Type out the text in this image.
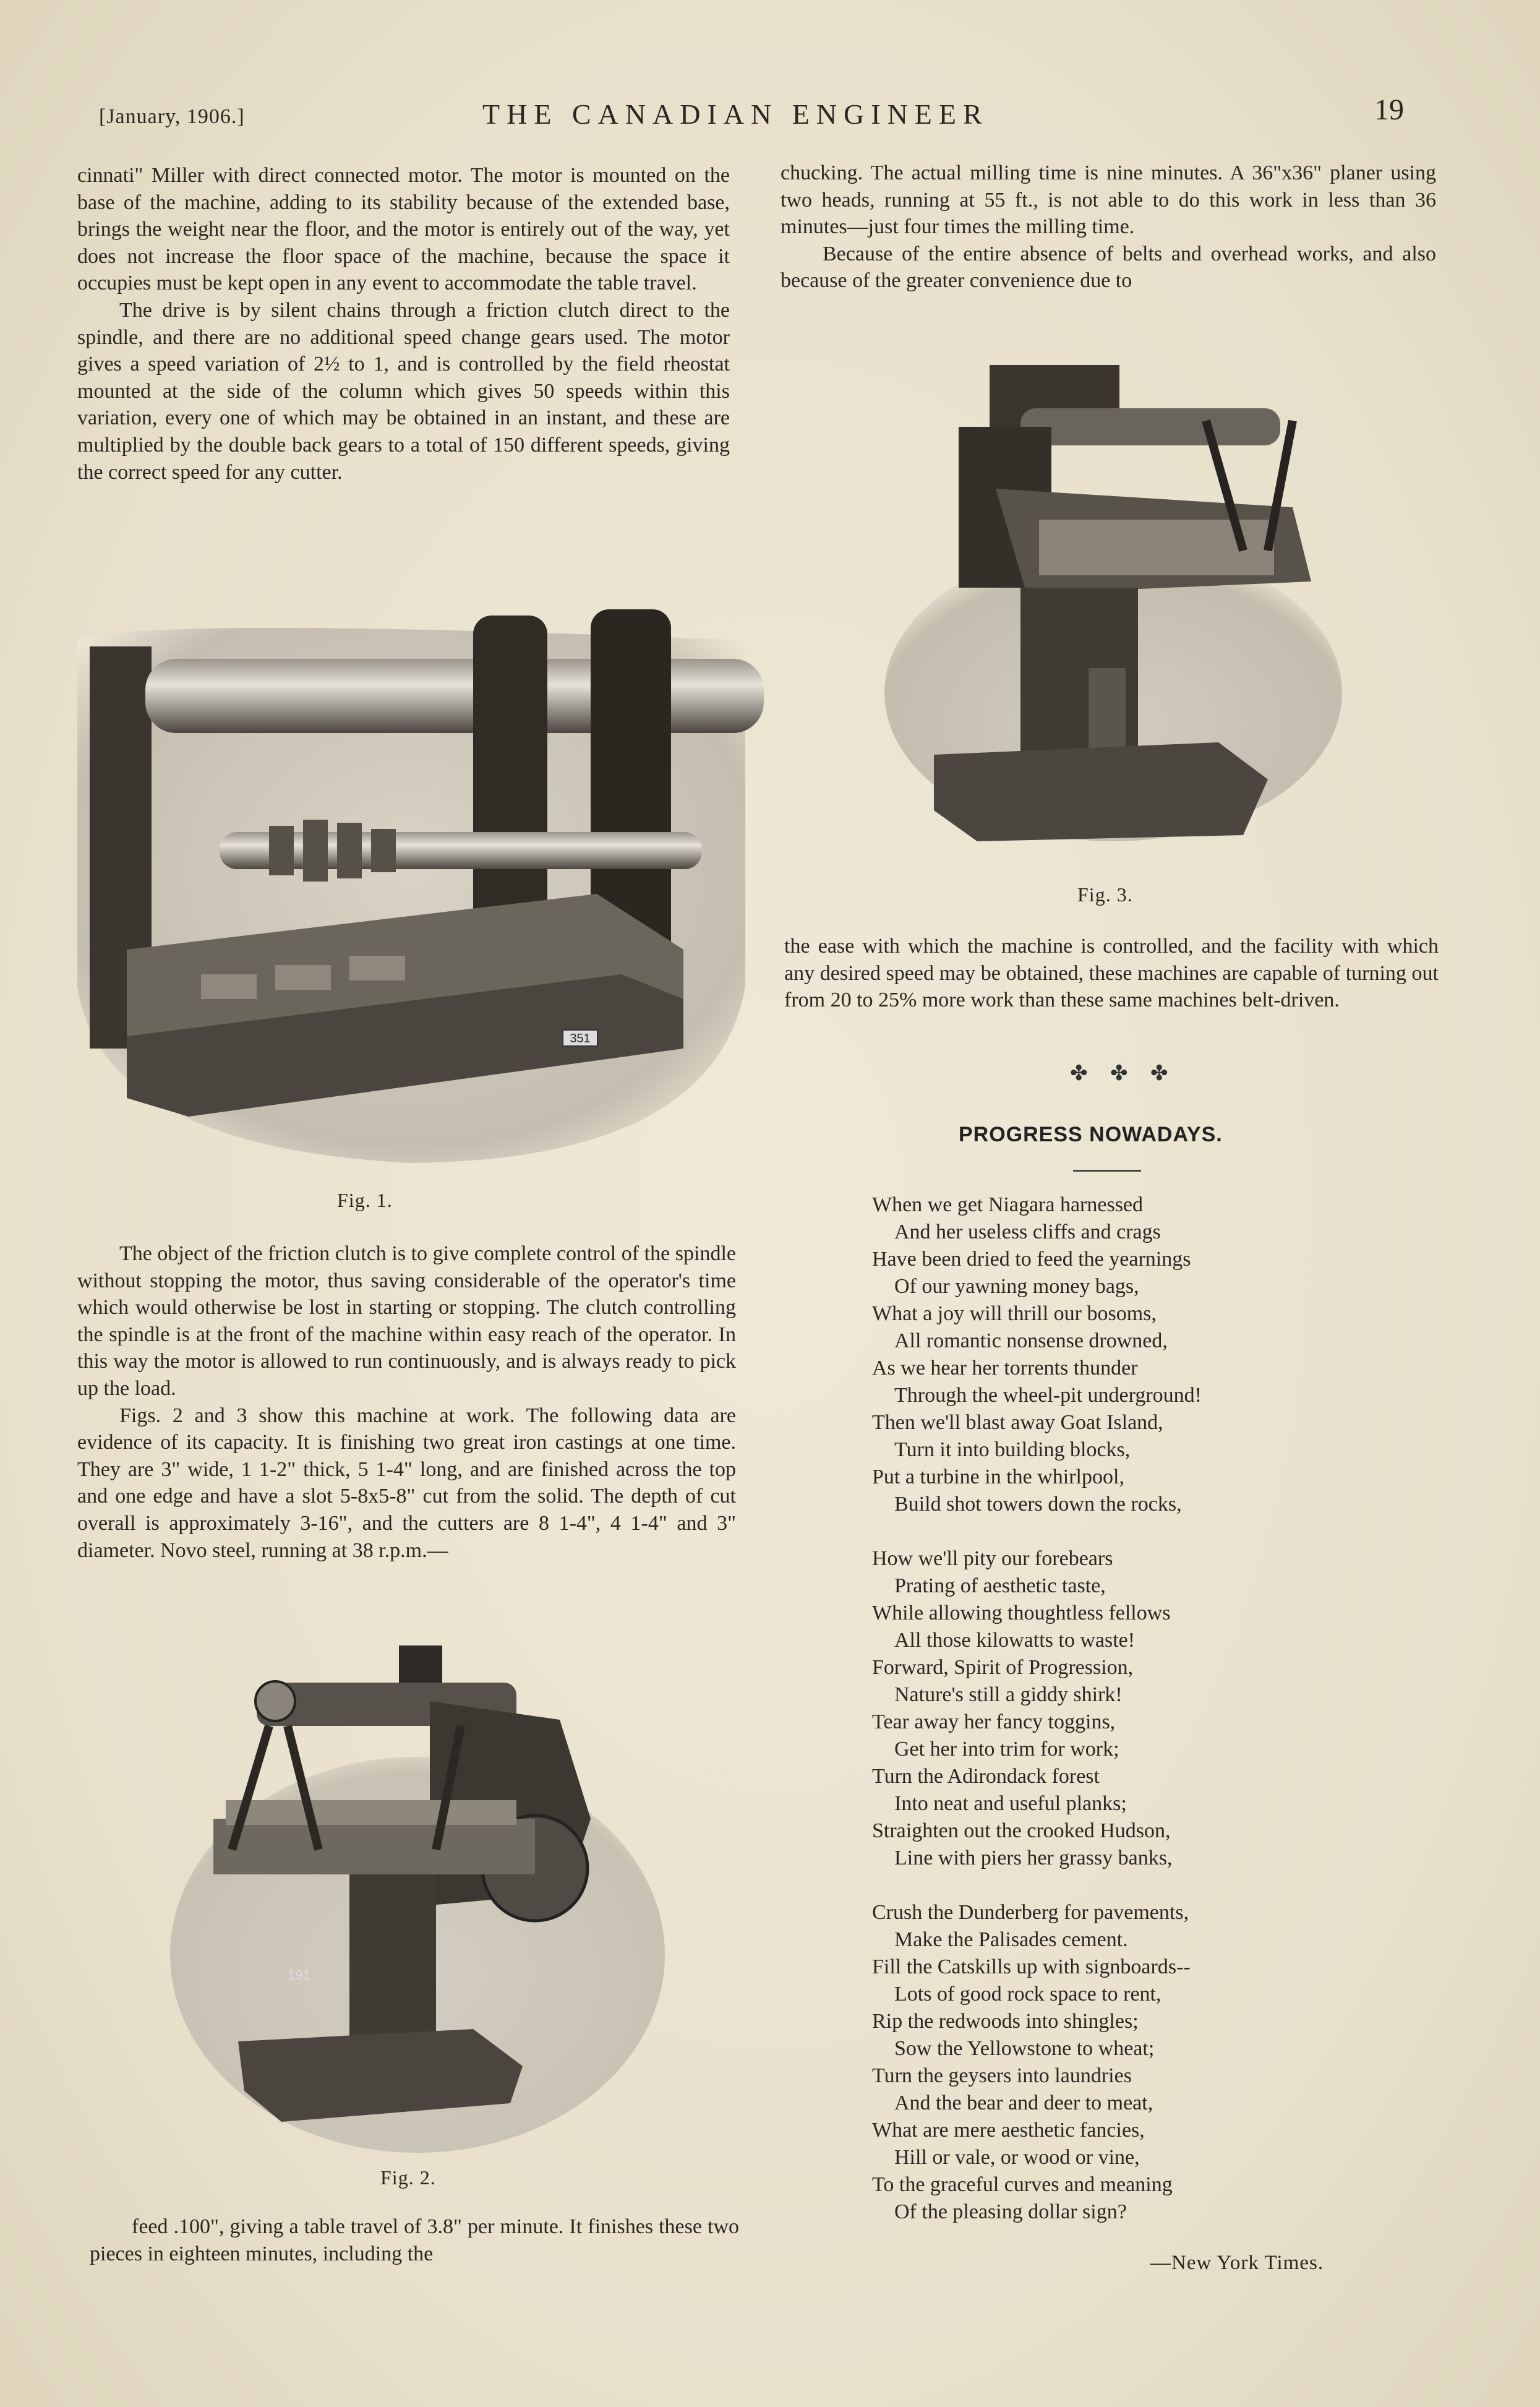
[January, 1906.]	THE CANADIAN ENGINEER	19

cinnati" Miller with direct connected motor. The motor is mounted on the base of the machine, adding to its stability because of the extended base, brings the weight near the floor, and the motor is entirely out of the way, yet does not increase the floor space of the machine, because the space it occupies must be kept open in any event to accommodate the table travel.

The drive is by silent chains through a friction clutch direct to the spindle, and there are no additional speed change gears used. The motor gives a speed variation of 2½ to 1, and is controlled by the field rheostat mounted at the side of the column which gives 50 speeds within this variation, every one of which may be obtained in an instant, and these are multiplied by the double back gears to a total of 150 different speeds, giving the correct speed for any cutter.

351
Fig. 1.

The object of the friction clutch is to give complete control of the spindle without stopping the motor, thus saving considerable of the operator's time which would otherwise be lost in starting or stopping. The clutch controlling the spindle is at the front of the machine within easy reach of the operator. In this way the motor is allowed to run continuously, and is always ready to pick up the load.

Figs. 2 and 3 show this machine at work. The following data are evidence of its capacity. It is finishing two great iron castings at one time. They are 3" wide, 1 1-2" thick, 5 1-4" long, and are finished across the top and one edge and have a slot 5-8x5-8" cut from the solid. The depth of cut overall is approximately 3-16", and the cutters are 8 1-4", 4 1-4" and 3" diameter. Novo steel, running at 38 r.p.m.—

191
Fig. 2.

feed .100", giving a table travel of 3.8" per minute. It finishes these two pieces in eighteen minutes, including the

chucking. The actual milling time is nine minutes. A 36"x36" planer using two heads, running at 55 ft., is not able to do this work in less than 36 minutes—just four times the milling time.

Because of the entire absence of belts and overhead works, and also because of the greater convenience due to

Fig. 3.

the ease with which the machine is controlled, and the facility with which any desired speed may be obtained, these machines are capable of turning out from 20 to 25% more work than these same machines belt-driven.

✤ ✤ ✤
PROGRESS NOWADAYS.
When we get Niagara harnessed
And her useless cliffs and crags
Have been dried to feed the yearnings
Of our yawning money bags,
What a joy will thrill our bosoms,
All romantic nonsense drowned,
As we hear her torrents thunder
Through the wheel-pit underground!
Then we'll blast away Goat Island,
Turn it into building blocks,
Put a turbine in the whirlpool,
Build shot towers down the rocks,
How we'll pity our forebears
Prating of aesthetic taste,
While allowing thoughtless fellows
All those kilowatts to waste!
Forward, Spirit of Progression,
Nature's still a giddy shirk!
Tear away her fancy toggins,
Get her into trim for work;
Turn the Adirondack forest
Into neat and useful planks;
Straighten out the crooked Hudson,
Line with piers her grassy banks,
Crush the Dunderberg for pavements,
Make the Palisades cement.
Fill the Catskills up with signboards--
Lots of good rock space to rent,
Rip the redwoods into shingles;
Sow the Yellowstone to wheat;
Turn the geysers into laundries
And the bear and deer to meat,
What are mere aesthetic fancies,
Hill or vale, or wood or vine,
To the graceful curves and meaning
Of the pleasing dollar sign?
—New York Times.
